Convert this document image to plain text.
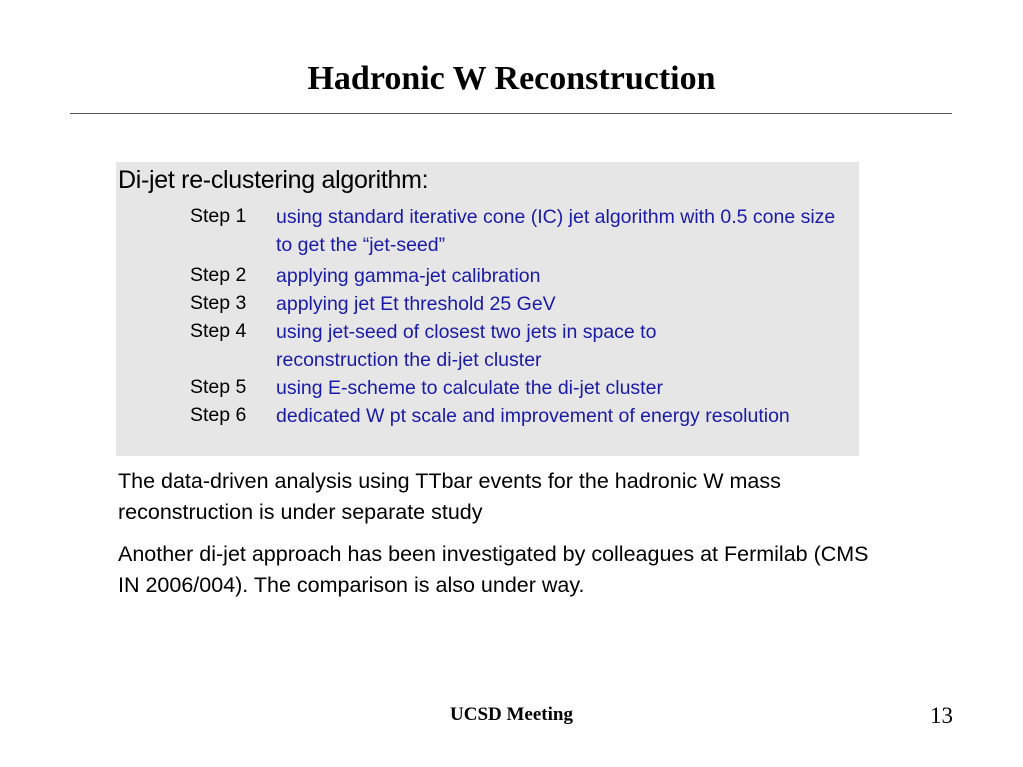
Hadronic W Reconstruction
Di-jet re-clustering algorithm:
Step 1 using standard iterative cone (IC) jet algorithm with 0.5 cone size to get the “jet-seed”
Step 2 applying gamma-jet calibration
Step 3 applying jet Et threshold 25 GeV
Step 4 using jet-seed of closest two jets in space to reconstruction the di-jet cluster
Step 5 using E-scheme to calculate the di-jet cluster
Step 6 dedicated W pt scale and improvement of energy resolution
The data-driven analysis using TTbar events for the hadronic W mass reconstruction is under separate study
Another di-jet approach has been investigated by colleagues at Fermilab (CMS IN 2006/004). The comparison is also under way.
UCSD Meeting	13
